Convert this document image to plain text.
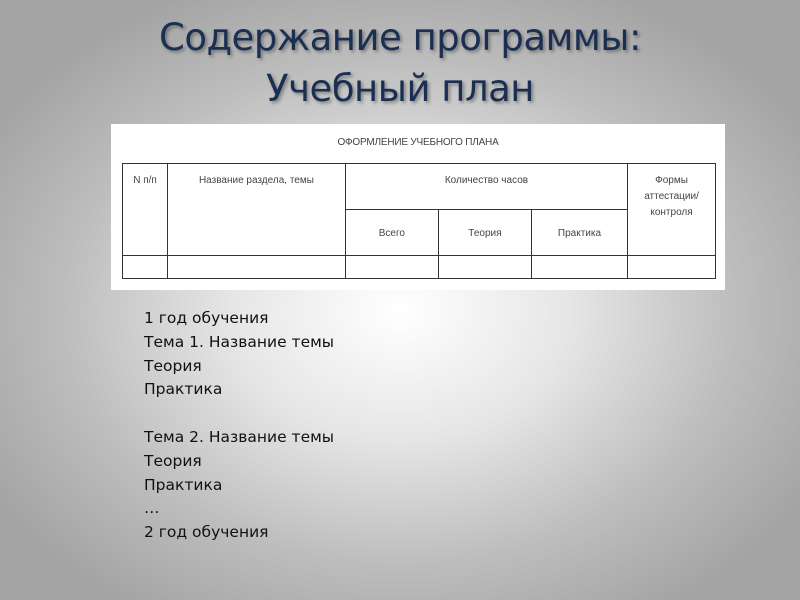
Содержание программы:
Учебный план
ОФОРМЛЕНИЕ УЧЕБНОГО ПЛАНА
N п/п	Название раздела, темы	Количество часов			Формы
аттестации/
контроля

		Всего	Теория	Практика	

1 год обучения
Тема 1. Название темы
Теория
Практика
Тема 2. Название темы
Теория
Практика
…
2 год обучения
